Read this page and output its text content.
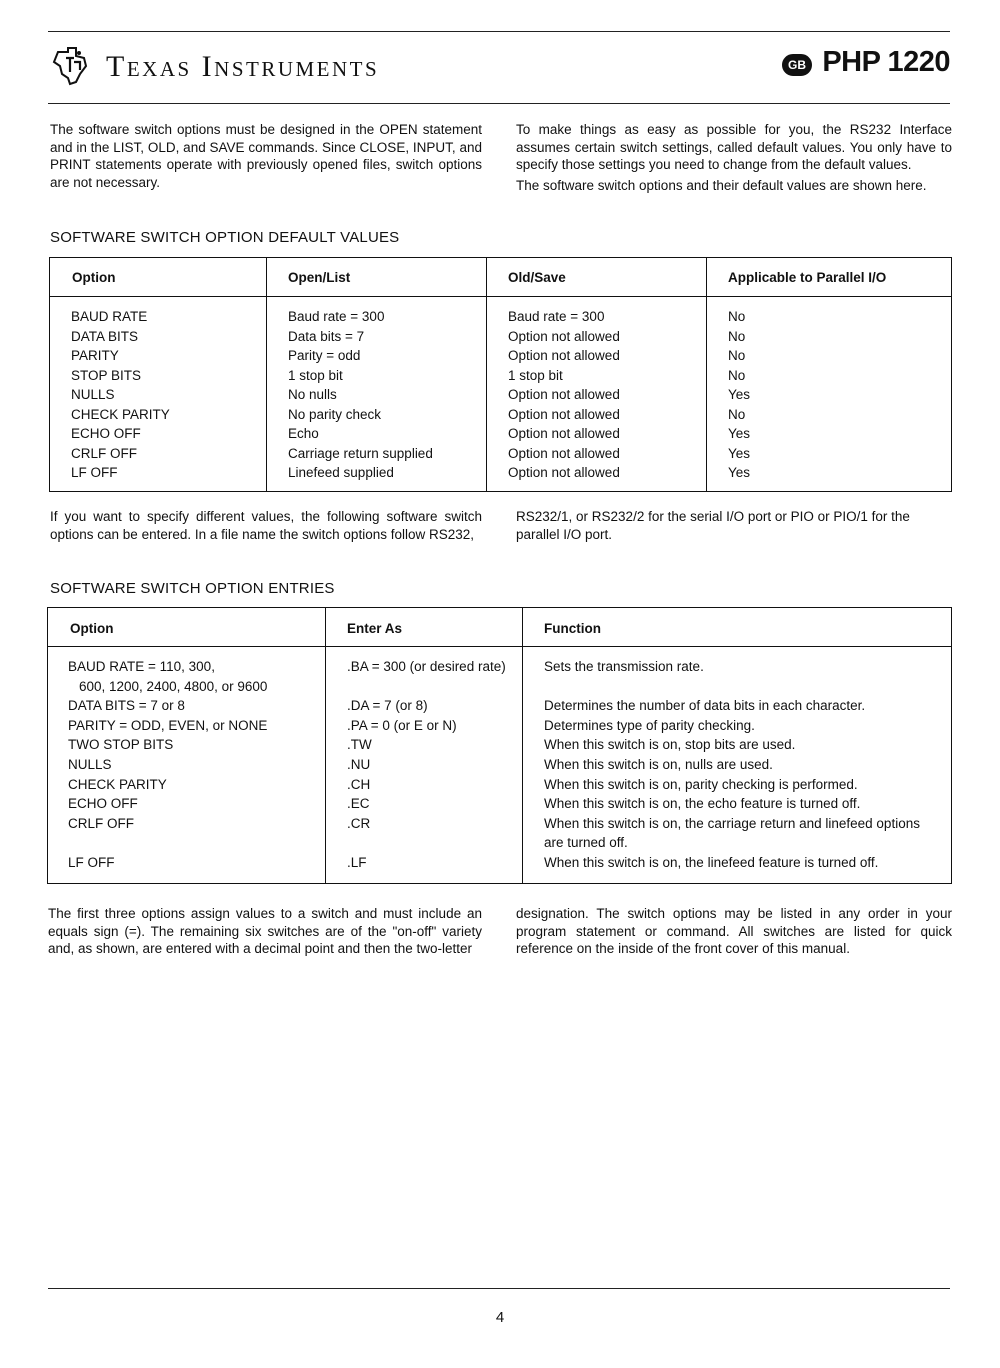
Texas Instruments	GB PHP 1220

The software switch options must be designed in the OPEN statement and in the LIST, OLD, and SAVE commands. Since CLOSE, INPUT, and PRINT statements operate with previously opened files, switch options are not necessary.

To make things as easy as possible for you, the RS232 Interface assumes certain switch settings, called default values. You only have to specify those settings you need to change from the default values.

The software switch options and their default values are shown here.

SOFTWARE SWITCH OPTION DEFAULT VALUES
Option	Open/List	Old/Save	Applicable to Parallel I/O
BAUD RATE	Baud rate = 300	Baud rate = 300	No
DATA BITS	Data bits = 7	Option not allowed	No
PARITY	Parity = odd	Option not allowed	No
STOP BITS	1 stop bit	1 stop bit	No
NULLS	No nulls	Option not allowed	Yes
CHECK PARITY	No parity check	Option not allowed	No
ECHO OFF	Echo	Option not allowed	Yes
CRLF OFF	Carriage return supplied	Option not allowed	Yes
LF OFF	Linefeed supplied	Option not allowed	Yes

If you want to specify different values, the following software switch options can be entered. In a file name the switch options follow RS232,

RS232/1, or RS232/2 for the serial I/O port or PIO or PIO/1 for the parallel I/O port.

SOFTWARE SWITCH OPTION ENTRIES
Option	Enter As	Function
BAUD RATE = 110, 300,	.BA = 300 (or desired rate)	Sets the transmission rate.
600, 1200, 2400, 4800, or 9600
DATA BITS = 7 or 8	.DA = 7 (or 8)	Determines the number of data bits in each character.
PARITY = ODD, EVEN, or NONE	.PA = 0 (or E or N)	Determines type of parity checking.
TWO STOP BITS	.TW	When this switch is on, stop bits are used.
NULLS	.NU	When this switch is on, nulls are used.
CHECK PARITY	.CH	When this switch is on, parity checking is performed.
ECHO OFF	.EC	When this switch is on, the echo feature is turned off.
CRLF OFF	.CR	When this switch is on, the carriage return and linefeed options
are turned off.
LF OFF	.LF	When this switch is on, the linefeed feature is turned off.

The first three options assign values to a switch and must include an equals sign (=). The remaining six switches are of the "on-off" variety and, as shown, are entered with a decimal point and then the two-letter

designation. The switch options may be listed in any order in your program statement or command. All switches are listed for quick reference on the inside of the front cover of this manual.

4
